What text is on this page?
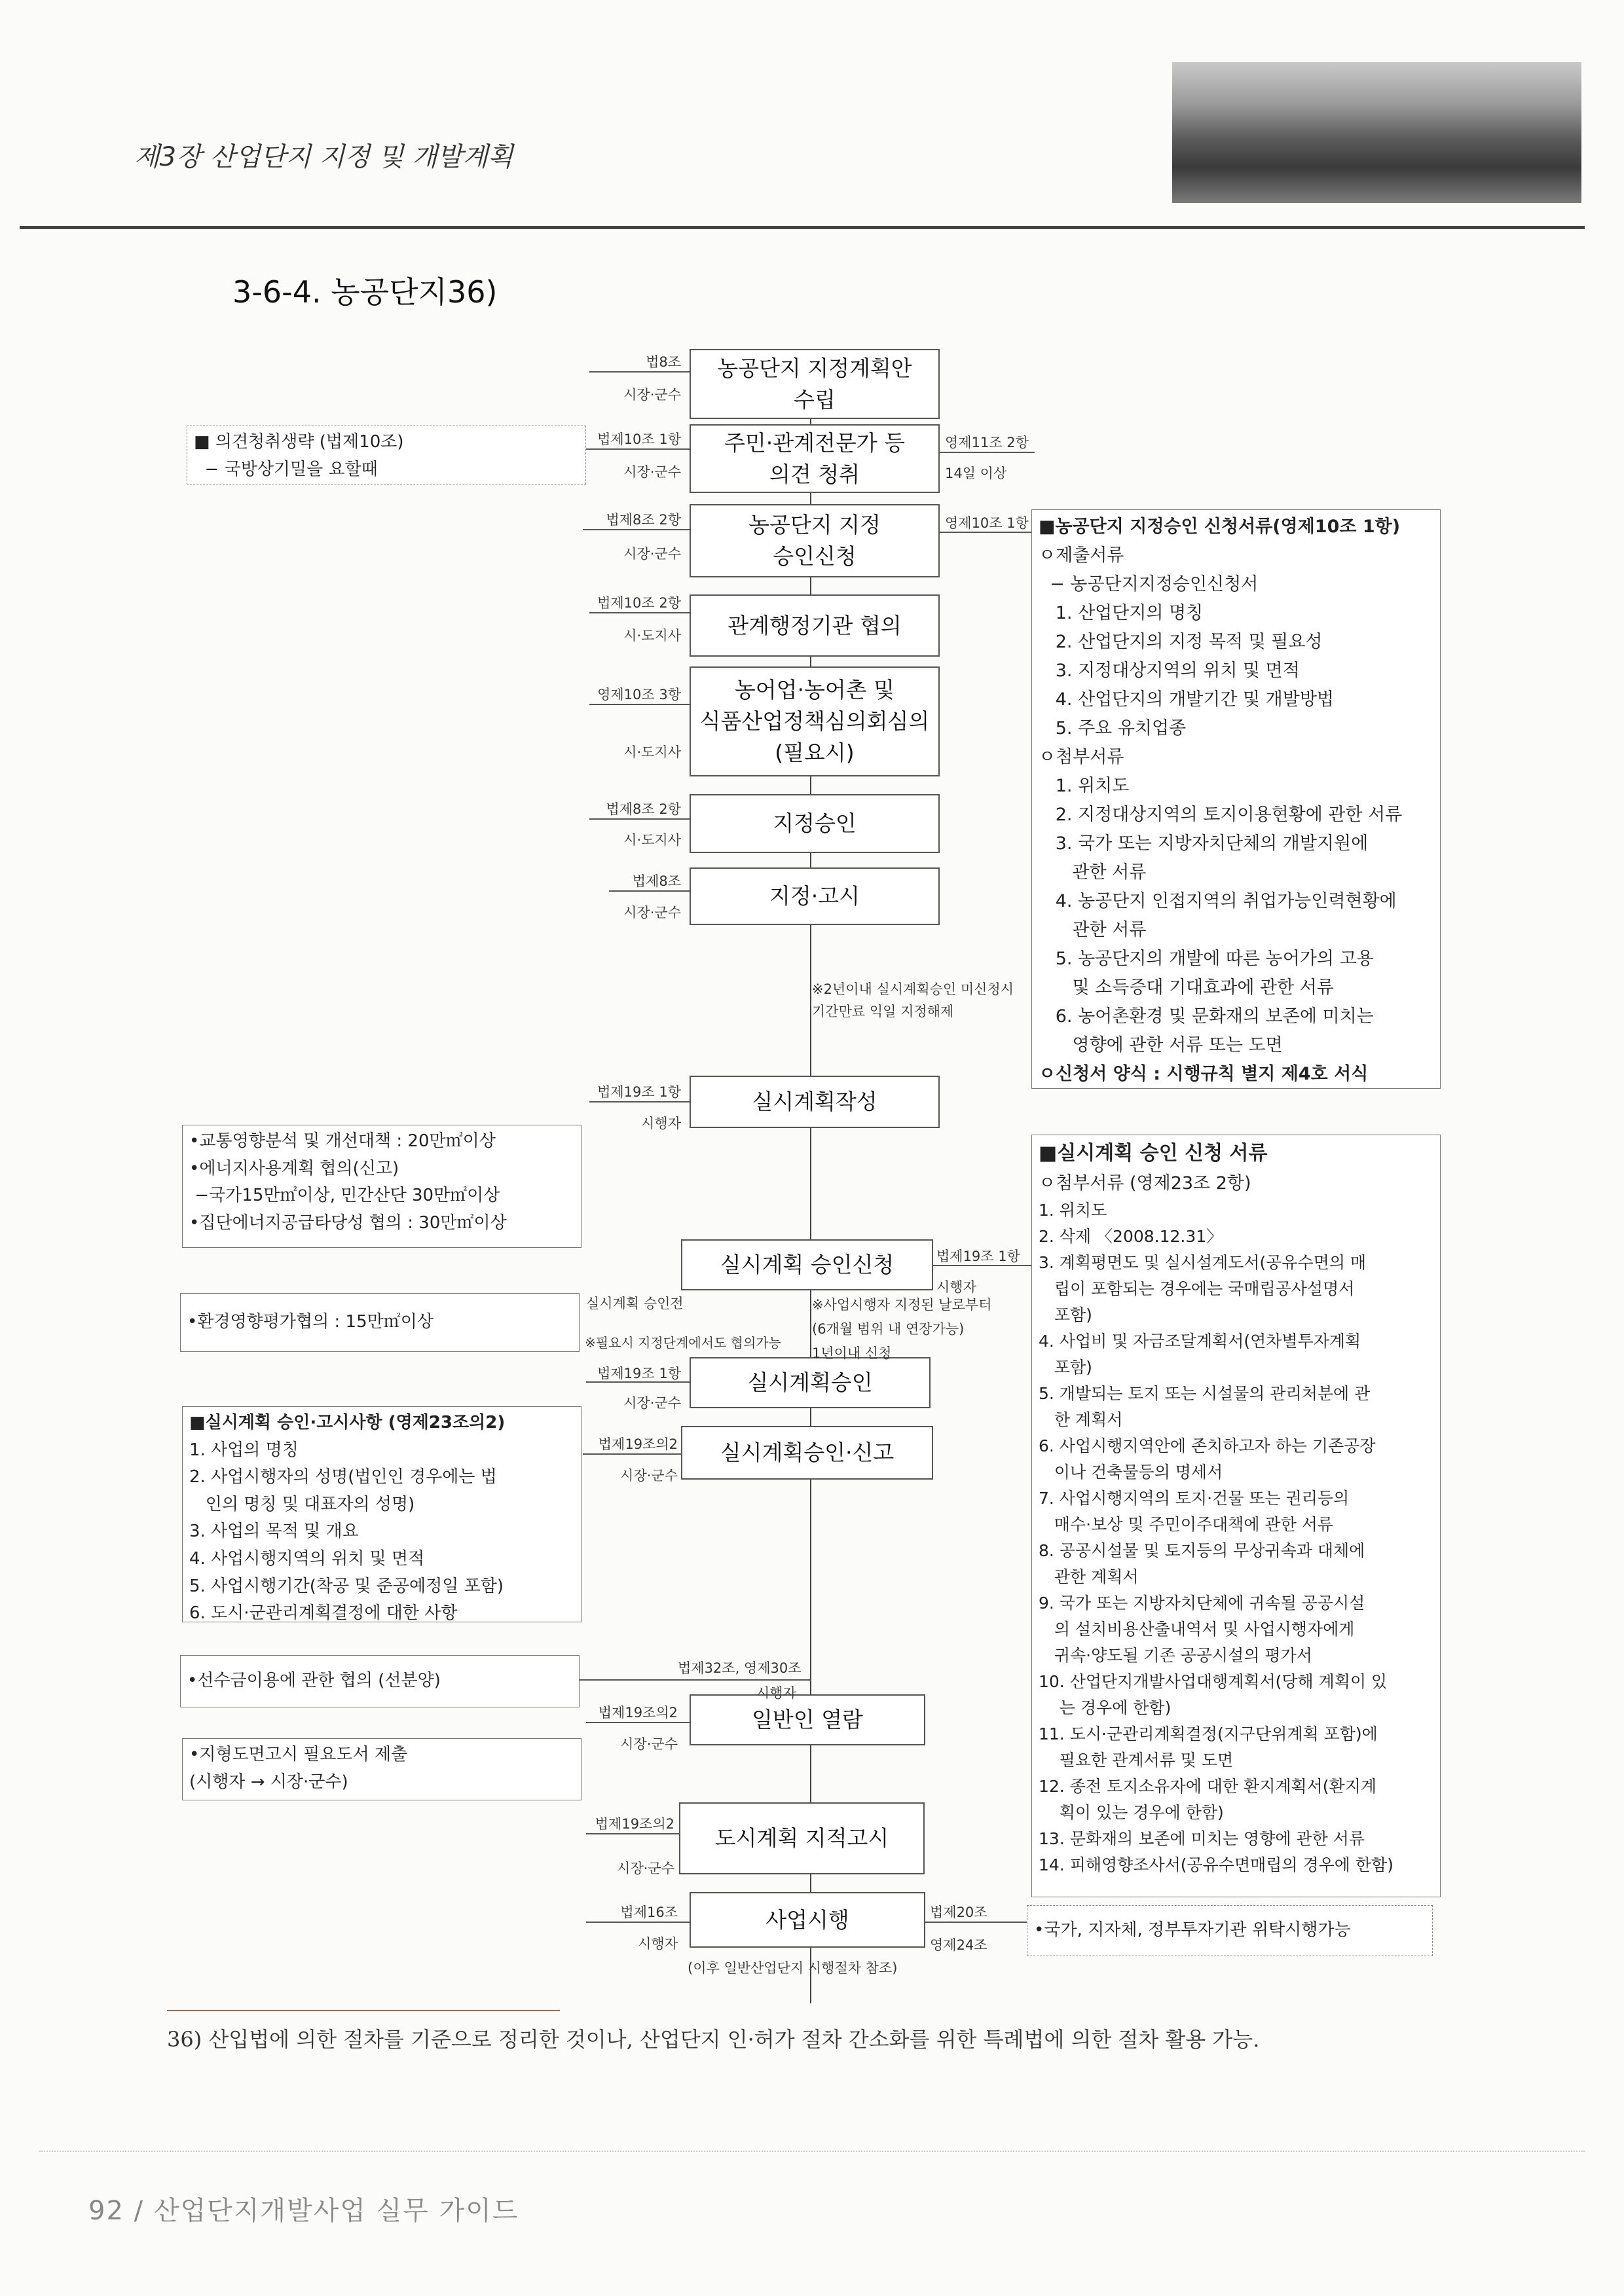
제3장 산업단지 지정 및 개발계획
3-6-4. 농공단지36)
농공단지 지정계획안
수립
주민·관계전문가 등
의견 청취
농공단지 지정
승인신청
관계행정기관 협의
농어업·농어촌 및
식품산업정책심의회심의
(필요시)
지정승인
지정·고시
실시계획작성
실시계획 승인신청
실시계획승인
실시계획승인·신고
일반인 열람
도시계획 지적고시
사업시행
법8조
시장·군수
법제10조 1항
시장·군수
법제8조 2항
시장·군수
법제10조 2항
시·도지사
영제10조 3항
시·도지사
법제8조 2항
시·도지사
법제8조
시장·군수
법제19조 1항
시행자
법제19조 1항
시장·군수
법제19조의2
시장·군수
법제19조의2
시장·군수
법제19조의2
시장·군수
법제16조
시행자
영제11조 2항
14일 이상
영제10조 1항
법제19조 1항
시행자
법제20조
영제24조
※2년이내 실시계획승인 미신청시
기간만료 익일 지정해제
실시계획 승인전
※필요시 지정단계에서도 협의가능
※사업시행자 지정된 날로부터
(6개월 범위 내 연장가능)
1년이내 신청
법제32조, 영제30조
시행자
(이후 일반산업단지 시행절차 참조)
■ 의견청취생략 (법제10조)
− 국방상기밀을 요할때
•교통영향분석 및 개선대책 : 20만㎡이상
•에너지사용계획 협의(신고)
−국가15만㎡이상, 민간산단 30만㎡이상
•집단에너지공급타당성 협의 : 30만㎡이상
•환경영향평가협의 : 15만㎡이상
■실시계획 승인·고시사항 (영제23조의2)
1. 사업의 명칭
2. 사업시행자의 성명(법인인 경우에는 법
인의 명칭 및 대표자의 성명)
3. 사업의 목적 및 개요
4. 사업시행지역의 위치 및 면적
5. 사업시행기간(착공 및 준공예정일 포함)
6. 도시·군관리계획결정에 대한 사항
•선수금이용에 관한 협의 (선분양)
•지형도면고시 필요도서 제출
(시행자 → 시장·군수)
■농공단지 지정승인 신청서류(영제10조 1항)
ㅇ제출서류
− 농공단지지정승인신청서
1. 산업단지의 명칭
2. 산업단지의 지정 목적 및 필요성
3. 지정대상지역의 위치 및 면적
4. 산업단지의 개발기간 및 개발방법
5. 주요 유치업종
ㅇ첨부서류
1. 위치도
2. 지정대상지역의 토지이용현황에 관한 서류
3. 국가 또는 지방자치단체의 개발지원에
관한 서류
4. 농공단지 인접지역의 취업가능인력현황에
관한 서류
5. 농공단지의 개발에 따른 농어가의 고용
및 소득증대 기대효과에 관한 서류
6. 농어촌환경 및 문화재의 보존에 미치는
영향에 관한 서류 또는 도면
ㅇ신청서 양식 : 시행규칙 별지 제4호 서식
■실시계획 승인 신청 서류
ㅇ첨부서류 (영제23조 2항)
1. 위치도
2. 삭제 〈2008.12.31〉
3. 계획평면도 및 실시설계도서(공유수면의 매
립이 포함되는 경우에는 국매립공사설명서
포함)
4. 사업비 및 자금조달계획서(연차별투자계획
포함)
5. 개발되는 토지 또는 시설물의 관리처분에 관
한 계획서
6. 사업시행지역안에 존치하고자 하는 기존공장
이나 건축물등의 명세서
7. 사업시행지역의 토지·건물 또는 권리등의
매수·보상 및 주민이주대책에 관한 서류
8. 공공시설물 및 토지등의 무상귀속과 대체에
관한 계획서
9. 국가 또는 지방자치단체에 귀속될 공공시설
의 설치비용산출내역서 및 사업시행자에게
귀속·양도될 기존 공공시설의 평가서
10. 산업단지개발사업대행계획서(당해 계획이 있
는 경우에 한함)
11. 도시·군관리계획결정(지구단위계획 포함)에
필요한 관계서류 및 도면
12. 종전 토지소유자에 대한 환지계획서(환지계
획이 있는 경우에 한함)
13. 문화재의 보존에 미치는 영향에 관한 서류
14. 피해영향조사서(공유수면매립의 경우에 한함)
•국가, 지자체, 정부투자기관 위탁시행가능
36) 산입법에 의한 절차를 기준으로 정리한 것이나, 산업단지 인·허가 절차 간소화를 위한 특례법에 의한 절차 활용 가능.
92 / 산업단지개발사업 실무 가이드
